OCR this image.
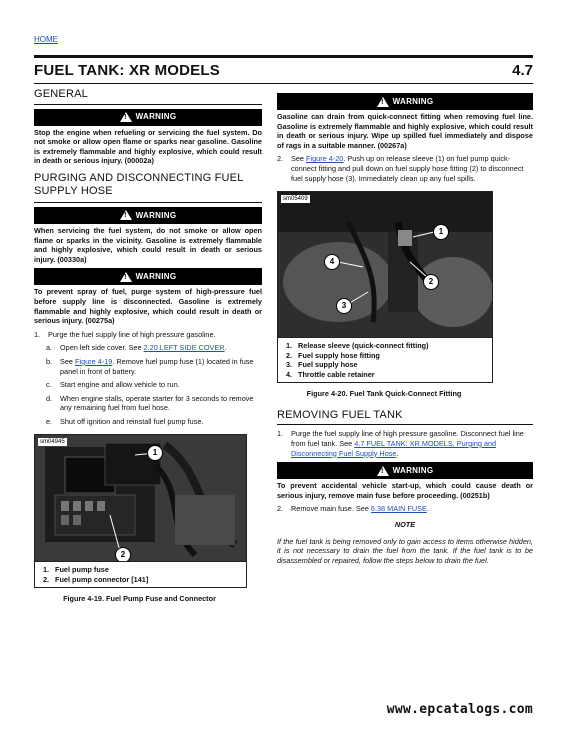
HOME
FUEL TANK: XR MODELS	4.7
GENERAL
! WARNING

Stop the engine when refueling or servicing the fuel system. Do not smoke or allow open flame or sparks near gasoline. Gasoline is extremely flammable and highly explosive, which could result in death or serious injury. (00002a)

PURGING AND DISCONNECTING FUEL SUPPLY HOSE
! WARNING

When servicing the fuel system, do not smoke or allow open flame or sparks in the vicinity. Gasoline is extremely flammable and highly explosive, which could result in death or serious injury. (00330a)

! WARNING

To prevent spray of fuel, purge system of high-pressure fuel before supply line is disconnected. Gasoline is extremely flammable and highly explosive, which could result in death or serious injury. (00275a)

1.	Purge the fuel supply line of high pressure gasoline.
a.	Open left side cover. See 2.20 LEFT SIDE COVER.
b.	See Figure 4-19. Remove fuel pump fuse (1) located in fuse panel in front of battery.
c.	Start engine and allow vehicle to run.
d.	When engine stalls, operate starter for 3 seconds to remove any remaining fuel from fuel hose.
e.	Shut off ignition and reinstall fuel pump fuse.
sm04945
1
2
1. Fuel pump fuse
2. Fuel pump connector [141]
Figure 4-19. Fuel Pump Fuse and Connector
! WARNING

Gasoline can drain from quick-connect fitting when removing fuel line. Gasoline is extremely flammable and highly explosive, which could result in death or serious injury. Wipe up spilled fuel immediately and dispose of rags in a suitable manner. (00267a)

2.	See Figure 4-20. Push up on release sleeve (1) on fuel pump quick-connect fitting and pull down on fuel supply hose fitting (2) to disconnect fuel supply hose (3). Immediately clean up any fuel spills.
sm05409
1
2
3
4
1. Release sleeve (quick-connect fitting)
2. Fuel supply hose fitting
3. Fuel supply hose
4. Throttle cable retainer
Figure 4-20. Fuel Tank Quick-Connect Fitting
REMOVING FUEL TANK
1.	Purge the fuel supply line of high pressure gasoline. Disconnect fuel line from fuel tank. See 4.7 FUEL TANK: XR MODELS, Purging and Disconnecting Fuel Supply Hose.
! WARNING

To prevent accidental vehicle start-up, which could cause death or serious injury, remove main fuse before proceeding. (00251b)

2.	Remove main fuse. See 6.38 MAIN FUSE.
NOTE

If the fuel tank is being removed only to gain access to items otherwise hidden, it is not necessary to drain the fuel from the tank. If the fuel tank is to be disassembled or repaired, follow the steps below to drain the fuel.

www.epcatalogs.com
